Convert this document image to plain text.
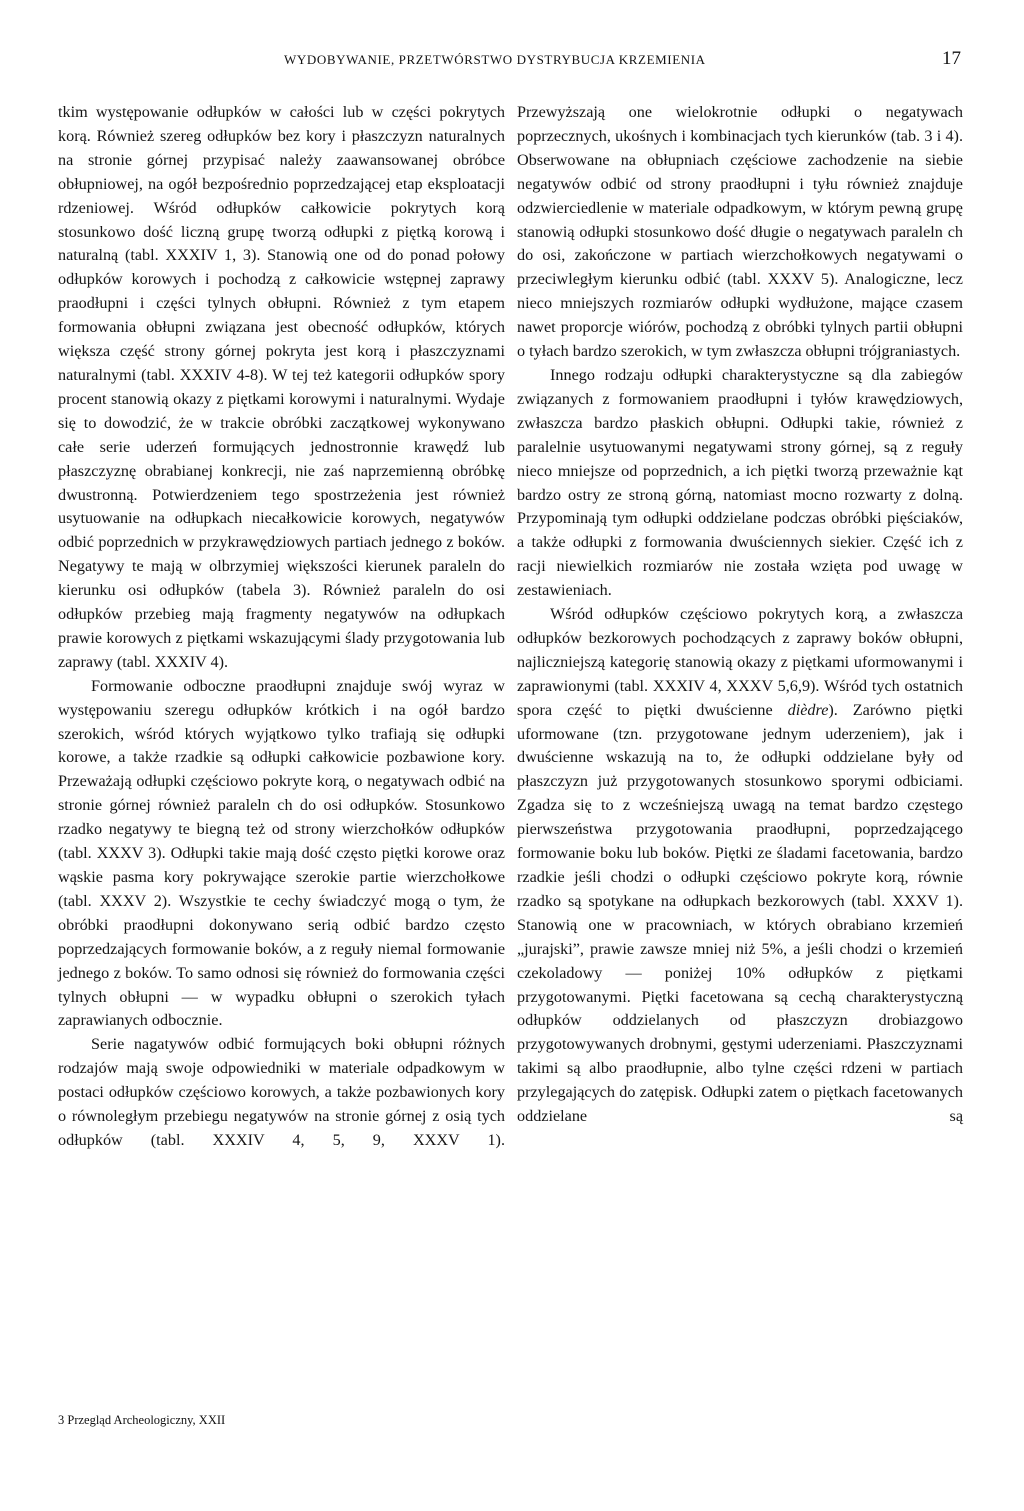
WYDOBYWANIE, PRZETWÓRSTWO DYSTRYBUCJA KRZEMIENIA	17

tkim występowanie odłupków w całości lub w części pokrytych korą. Również szereg odłupków bez kory i płaszczyzn naturalnych na stronie górnej przypisać należy zaawansowanej obróbce obłupniowej, na ogół bezpośrednio poprzedzającej etap eksploatacji rdzeniowej. Wśród odłupków całkowicie pokrytych korą stosunkowo dość liczną grupę tworzą odłupki z piętką korową i naturalną (tabl. XXXIV 1, 3). Stanowią one od do ponad połowy odłupków korowych i pochodzą z całkowicie wstępnej zaprawy praodłupni i części tylnych obłupni. Również z tym etapem formowania obłupni związana jest obecność odłupków, których większa część strony górnej pokryta jest korą i płaszczyznami naturalnymi (tabl. XXXIV 4-8). W tej też kategorii odłupków spory procent stanowią okazy z piętkami korowymi i naturalnymi. Wydaje się to dowodzić, że w trakcie obróbki zaczątkowej wykonywano całe serie uderzeń formujących jednostronnie krawędź lub płaszczyznę obrabianej konkrecji, nie zaś naprzemienną obróbkę dwustronną. Potwierdzeniem tego spostrzeżenia jest również usytuowanie na odłupkach niecałkowicie korowych, negatywów odbić poprzednich w przykrawędziowych partiach jednego z boków. Negatywy te mają w olbrzymiej większości kierunek paraleln do kierunku osi odłupków (tabela 3). Również paraleln do osi odłupków przebieg mają fragmenty negatywów na odłupkach prawie korowych z piętkami wskazującymi ślady przygotowania lub zaprawy (tabl. XXXIV 4).

Formowanie odboczne praodłupni znajduje swój wyraz w występowaniu szeregu odłupków krótkich i na ogół bardzo szerokich, wśród których wyjątkowo tylko trafiają się odłupki korowe, a także rzadkie są odłupki całkowicie pozbawione kory. Przeważają odłupki częściowo pokryte korą, o negatywach odbić na stronie górnej również paraleln ch do osi odłupków. Stosunkowo rzadko negatywy te biegną też od strony wierzchołków odłupków (tabl. XXXV 3). Odłupki takie mają dość często piętki korowe oraz wąskie pasma kory pokrywające szerokie partie wierzchołkowe (tabl. XXXV 2). Wszystkie te cechy świadczyć mogą o tym, że obróbki praodłupni dokonywano serią odbić bardzo często poprzedzających formowanie boków, a z reguły niemal formowanie jednego z boków. To samo odnosi się również do formowania części tylnych obłupni — w wypadku obłupni o szerokich tyłach zaprawianych odbocznie.

Serie nagatywów odbić formujących boki obłupni różnych rodzajów mają swoje odpowiedniki w materiale odpadkowym w postaci odłupków częściowo korowych, a także pozbawionych kory o równoległym przebiegu negatywów na stronie górnej z osią tych odłupków (tabl. XXXIV 4, 5, 9, XXXV 1).

Przewyższają one wielokrotnie odłupki o negatywach poprzecznych, ukośnych i kombinacjach tych kierunków (tab. 3 i 4). Obserwowane na obłupniach częściowe zachodzenie na siebie negatywów odbić od strony praodłupni i tyłu również znajduje odzwierciedlenie w materiale odpadkowym, w którym pewną grupę stanowią odłupki stosunkowo dość długie o negatywach paraleln ch do osi, zakończone w partiach wierzchołkowych negatywami o przeciwległym kierunku odbić (tabl. XXXV 5). Analogiczne, lecz nieco mniejszych rozmiarów odłupki wydłużone, mające czasem nawet proporcje wiórów, pochodzą z obróbki tylnych partii obłupni o tyłach bardzo szerokich, w tym zwłaszcza obłupni trójgraniastych.

Innego rodzaju odłupki charakterystyczne są dla zabiegów związanych z formowaniem praodłupni i tyłów krawędziowych, zwłaszcza bardzo płaskich obłupni. Odłupki takie, również z paralelnie usytuowanymi negatywami strony górnej, są z reguły nieco mniejsze od poprzednich, a ich piętki tworzą przeważnie kąt bardzo ostry ze stroną górną, natomiast mocno rozwarty z dolną. Przypominają tym odłupki oddzielane podczas obróbki pięściaków, a także odłupki z formowania dwuściennych siekier. Część ich z racji niewielkich rozmiarów nie została wzięta pod uwagę w zestawieniach.

Wśród odłupków częściowo pokrytych korą, a zwłaszcza odłupków bezkorowych pochodzących z zaprawy boków obłupni, najliczniejszą kategorię stanowią okazy z piętkami uformowanymi i zaprawionymi (tabl. XXXIV 4, XXXV 5,6,9). Wśród tych ostatnich spora część to piętki dwuścienne dièdre). Zarówno piętki uformowane (tzn. przygotowane jednym uderzeniem), jak i dwuścienne wskazują na to, że odłupki oddzielane były od płaszczyzn już przygotowanych stosunkowo sporymi odbiciami. Zgadza się to z wcześniejszą uwagą na temat bardzo częstego pierwszeństwa przygotowania praodłupni, poprzedzającego formowanie boku lub boków. Piętki ze śladami facetowania, bardzo rzadkie jeśli chodzi o odłupki częściowo pokryte korą, równie rzadko są spotykane na odłupkach bezkorowych (tabl. XXXV 1). Stanowią one w pracowniach, w których obrabiano krzemień „jurajski”, prawie zawsze mniej niż 5%, a jeśli chodzi o krzemień czekoladowy — poniżej 10% odłupków z piętkami przygotowanymi. Piętki facetowana są cechą charakterystyczną odłupków oddzielanych od płaszczyzn drobiazgowo przygotowywanych drobnymi, gęstymi uderzeniami. Płaszczyznami takimi są albo praodłupnie, albo tylne części rdzeni w partiach przylegających do zatępisk. Odłupki zatem o piętkach facetowanych oddzielane są

3 Przegląd Archeologiczny, XXII
